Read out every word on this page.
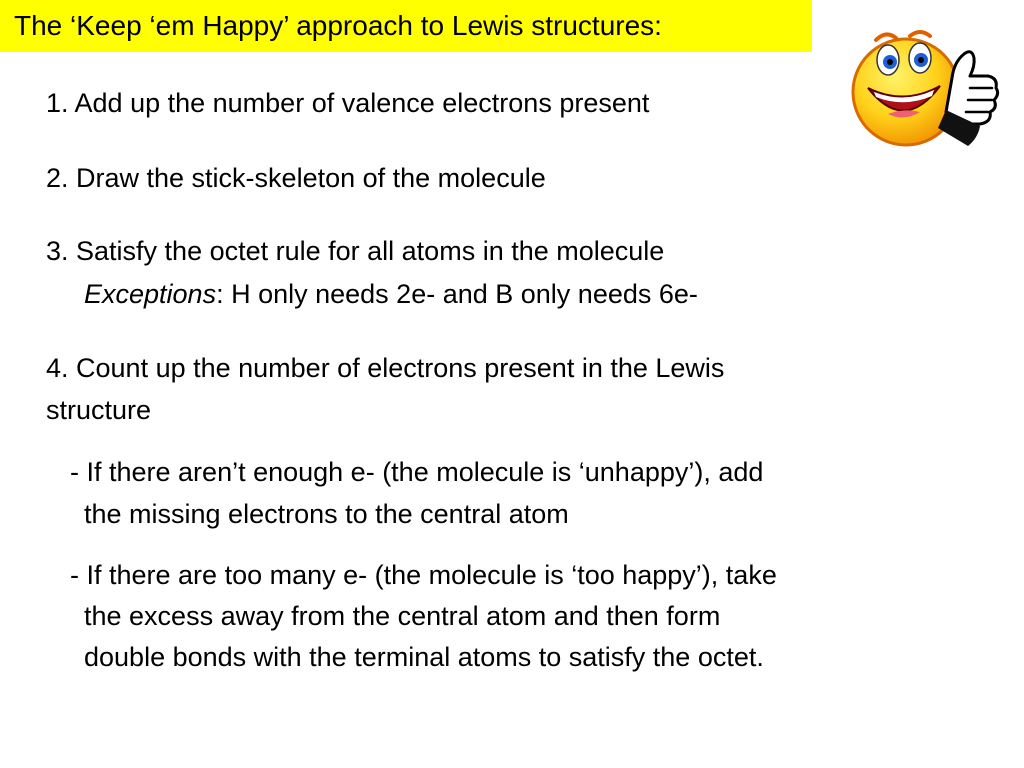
The ‘Keep ‘em Happy’ approach to Lewis structures:
1. Add up the number of valence electrons present
2. Draw the stick-skeleton of the molecule
3. Satisfy the octet rule for all atoms in the molecule
Exceptions: H only needs 2e- and B only needs 6e-
4. Count up the number of electrons present in the Lewis
structure
- If there aren’t enough e- (the molecule is ‘unhappy’), add
the missing electrons to the central atom
- If there are too many e- (the molecule is ‘too happy’), take
the excess away from the central atom and then form
double bonds with the terminal atoms to satisfy the octet.
